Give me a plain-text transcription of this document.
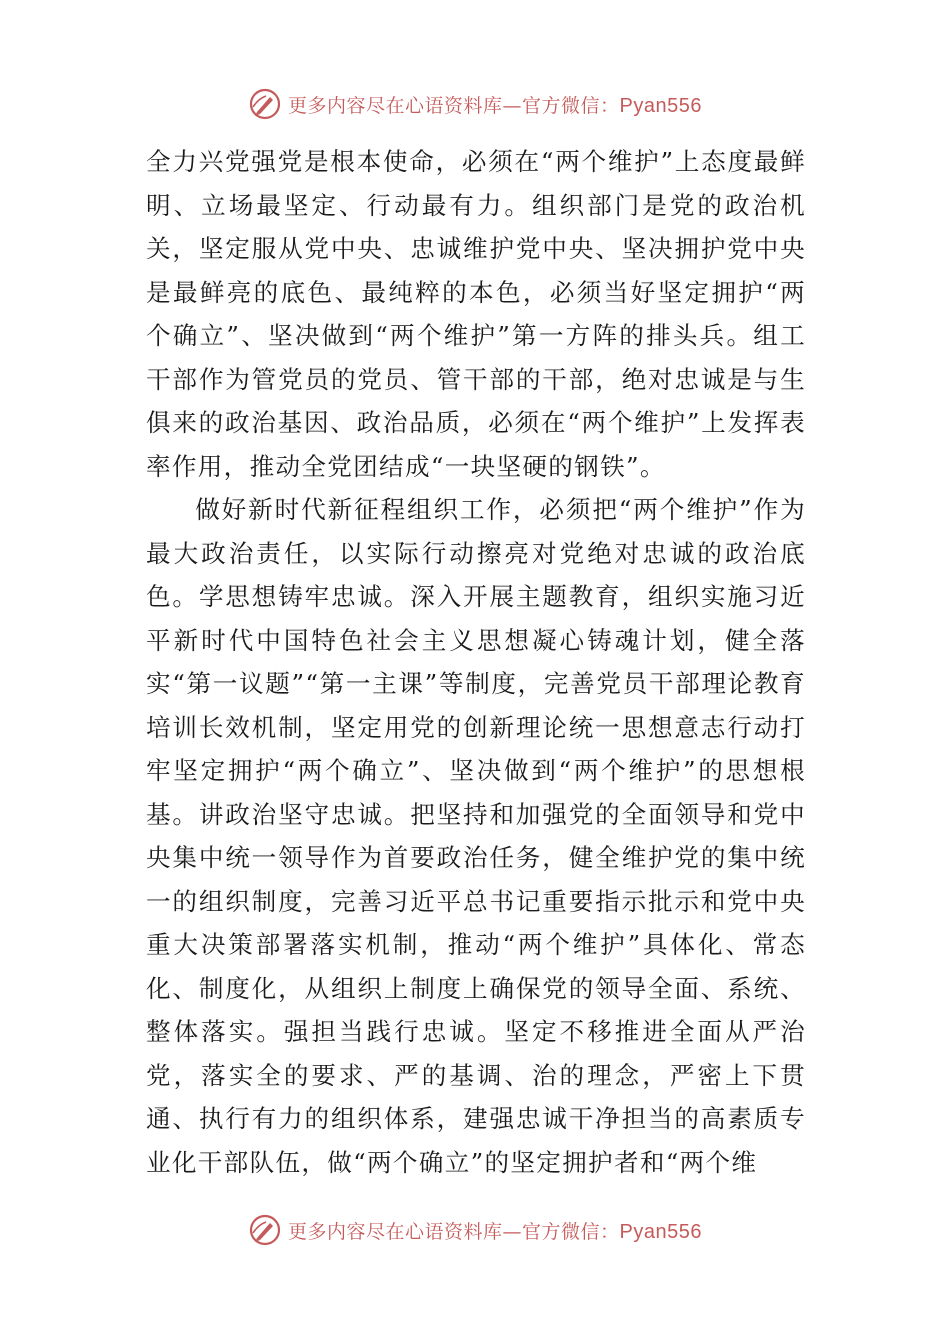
更多内容尽在心语资料库—官方微信：Pyan556

全力兴党强党是根本使命，必须在“两个维护”上态度最鲜明、立场最坚定、行动最有力。组织部门是党的政治机关，坚定服从党中央、忠诚维护党中央、坚决拥护党中央是最鲜亮的底色、最纯粹的本色，必须当好坚定拥护“两个确立”、坚决做到“两个维护”第一方阵的排头兵。组工干部作为管党员的党员、管干部的干部，绝对忠诚是与生俱来的政治基因、政治品质，必须在“两个维护”上发挥表率作用，推动全党团结成“一块坚硬的钢铁”。

做好新时代新征程组织工作，必须把“两个维护”作为最大政治责任，以实际行动擦亮对党绝对忠诚的政治底色。学思想铸牢忠诚。深入开展主题教育，组织实施习近平新时代中国特色社会主义思想凝心铸魂计划，健全落实“第一议题”“第一主课”等制度，完善党员干部理论教育培训长效机制，坚定用党的创新理论统一思想意志行动打牢坚定拥护“两个确立”、坚决做到“两个维护”的思想根基。讲政治坚守忠诚。把坚持和加强党的全面领导和党中央集中统一领导作为首要政治任务，健全维护党的集中统一的组织制度，完善习近平总书记重要指示批示和党中央重大决策部署落实机制，推动“两个维护”具体化、常态化、制度化，从组织上制度上确保党的领导全面、系统、整体落实。强担当践行忠诚。坚定不移推进全面从严治党，落实全的要求、严的基调、治的理念，严密上下贯通、执行有力的组织体系，建强忠诚干净担当的高素质专业化干部队伍，做“两个确立”的坚定拥护者和“两个维

更多内容尽在心语资料库—官方微信：Pyan556
